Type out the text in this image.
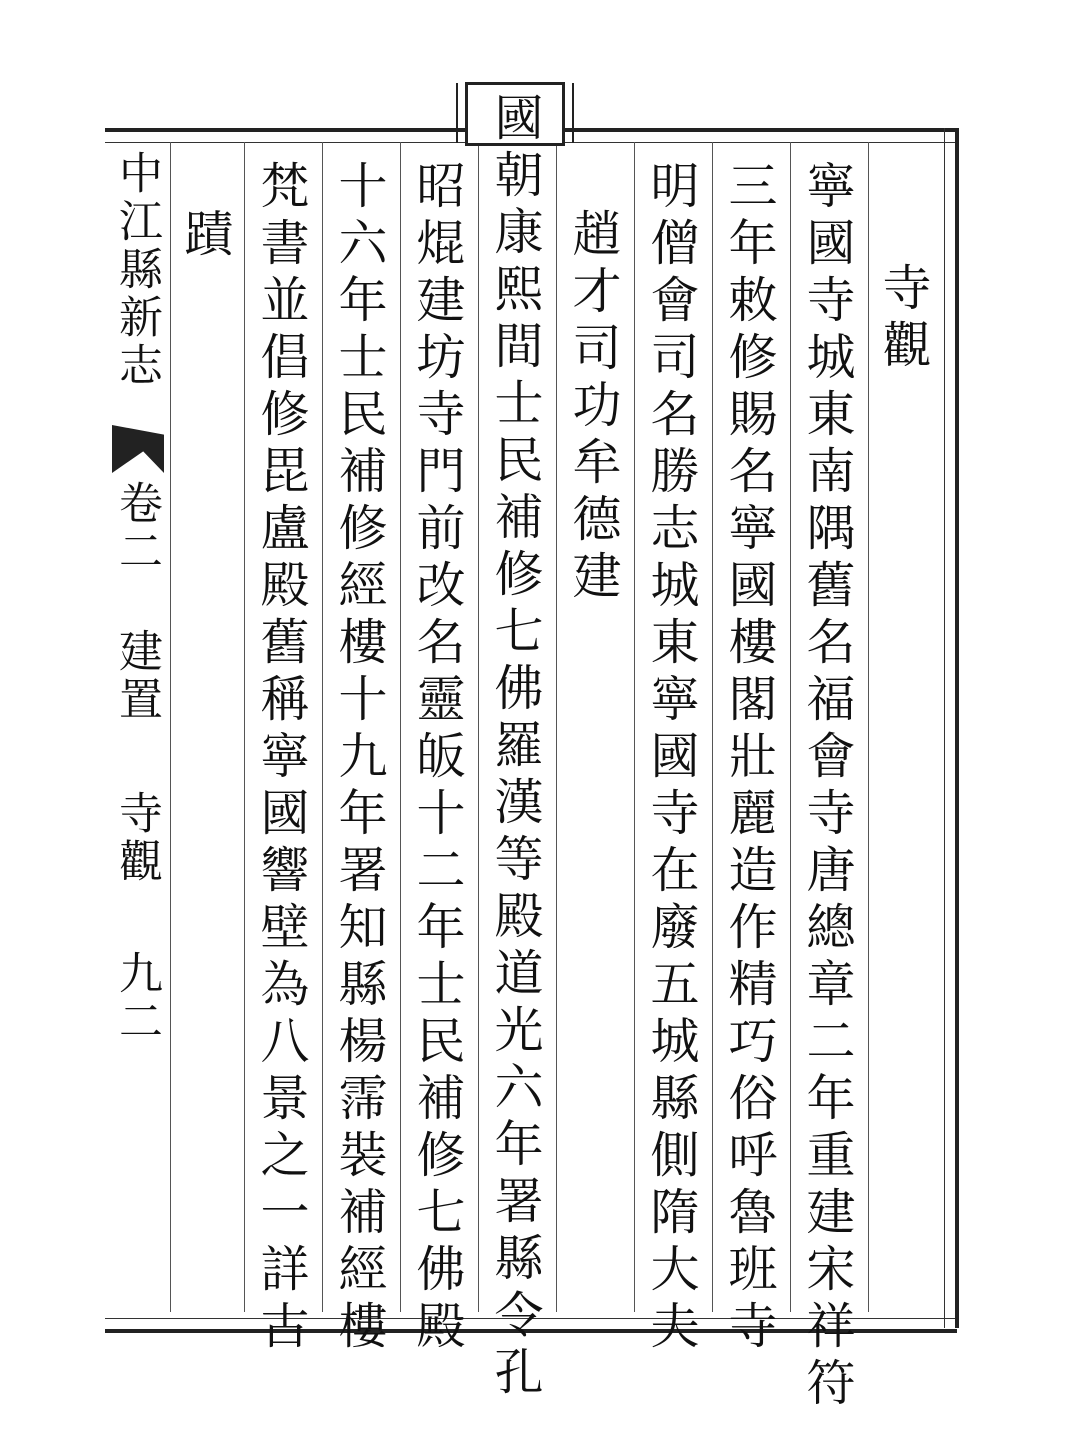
寺觀
寧國寺城東南隅舊名福會寺唐總章二年重建宋祥符
三年敕修賜名寧國樓閣壯麗造作精巧俗呼魯班寺
明僧會司名勝志城東寧國寺在廢五城縣側隋大夫
趙才司功牟德建
國朝康熙間士民補修七佛羅漢等殿道光六年署縣令孔
昭焜建坊寺門前改名靈皈十二年士民補修七佛殿
十六年士民補修經樓十九年署知縣楊霈裝補經樓
梵書並倡修毘盧殿舊稱寧國響壁為八景之一詳古
蹟
中江縣新志
卷二
建置
寺觀
九二
